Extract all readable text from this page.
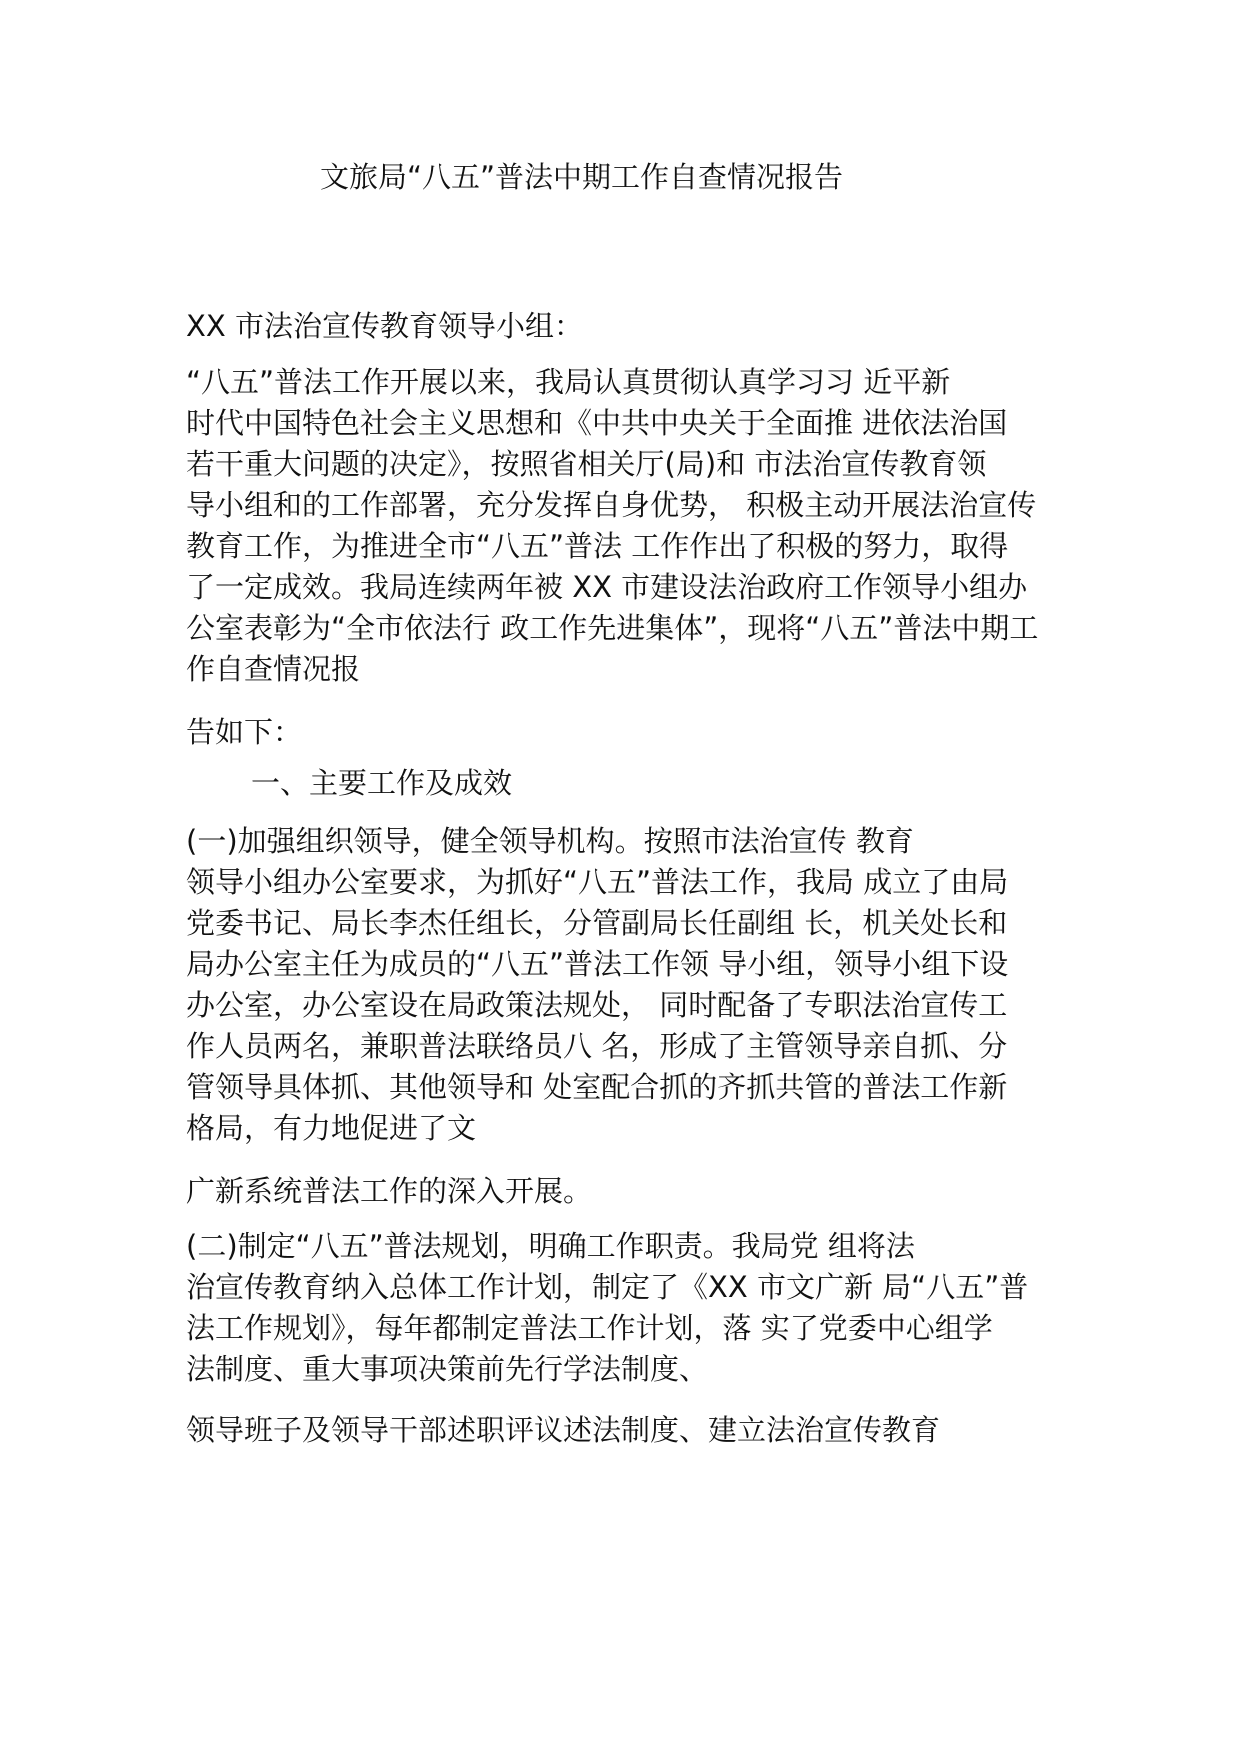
文旅局“八五”普法中期工作自查情况报告
XX 市法治宣传教育领导小组：
“八五”普法工作开展以来，我局认真贯彻认真学习习 近平新
时代中国特色社会主义思想和《中共中央关于全面推 进依法治国
若干重大问题的决定》，按照省相关厅(局)和 市法治宣传教育领
导小组和的工作部署，充分发挥自身优势， 积极主动开展法治宣传
教育工作，为推进全市“八五”普法 工作作出了积极的努力，取得
了一定成效。我局连续两年被 XX 市建设法治政府工作领导小组办
公室表彰为“全市依法行 政工作先进集体”，现将“八五”普法中期工
作自查情况报
告如下：
一、主要工作及成效
(一)加强组织领导，健全领导机构。按照市法治宣传 教育
领导小组办公室要求，为抓好“八五”普法工作，我局 成立了由局
党委书记、局长李杰任组长，分管副局长任副组 长，机关处长和
局办公室主任为成员的“八五”普法工作领 导小组，领导小组下设
办公室，办公室设在局政策法规处， 同时配备了专职法治宣传工
作人员两名，兼职普法联络员八 名，形成了主管领导亲自抓、分
管领导具体抓、其他领导和 处室配合抓的齐抓共管的普法工作新
格局，有力地促进了文
广新系统普法工作的深入开展。
(二)制定“八五”普法规划，明确工作职责。我局党 组将法
治宣传教育纳入总体工作计划，制定了《XX 市文广新 局“八五”普
法工作规划》，每年都制定普法工作计划，落 实了党委中心组学
法制度、重大事项决策前先行学法制度、
领导班子及领导干部述职评议述法制度、建立法治宣传教育
